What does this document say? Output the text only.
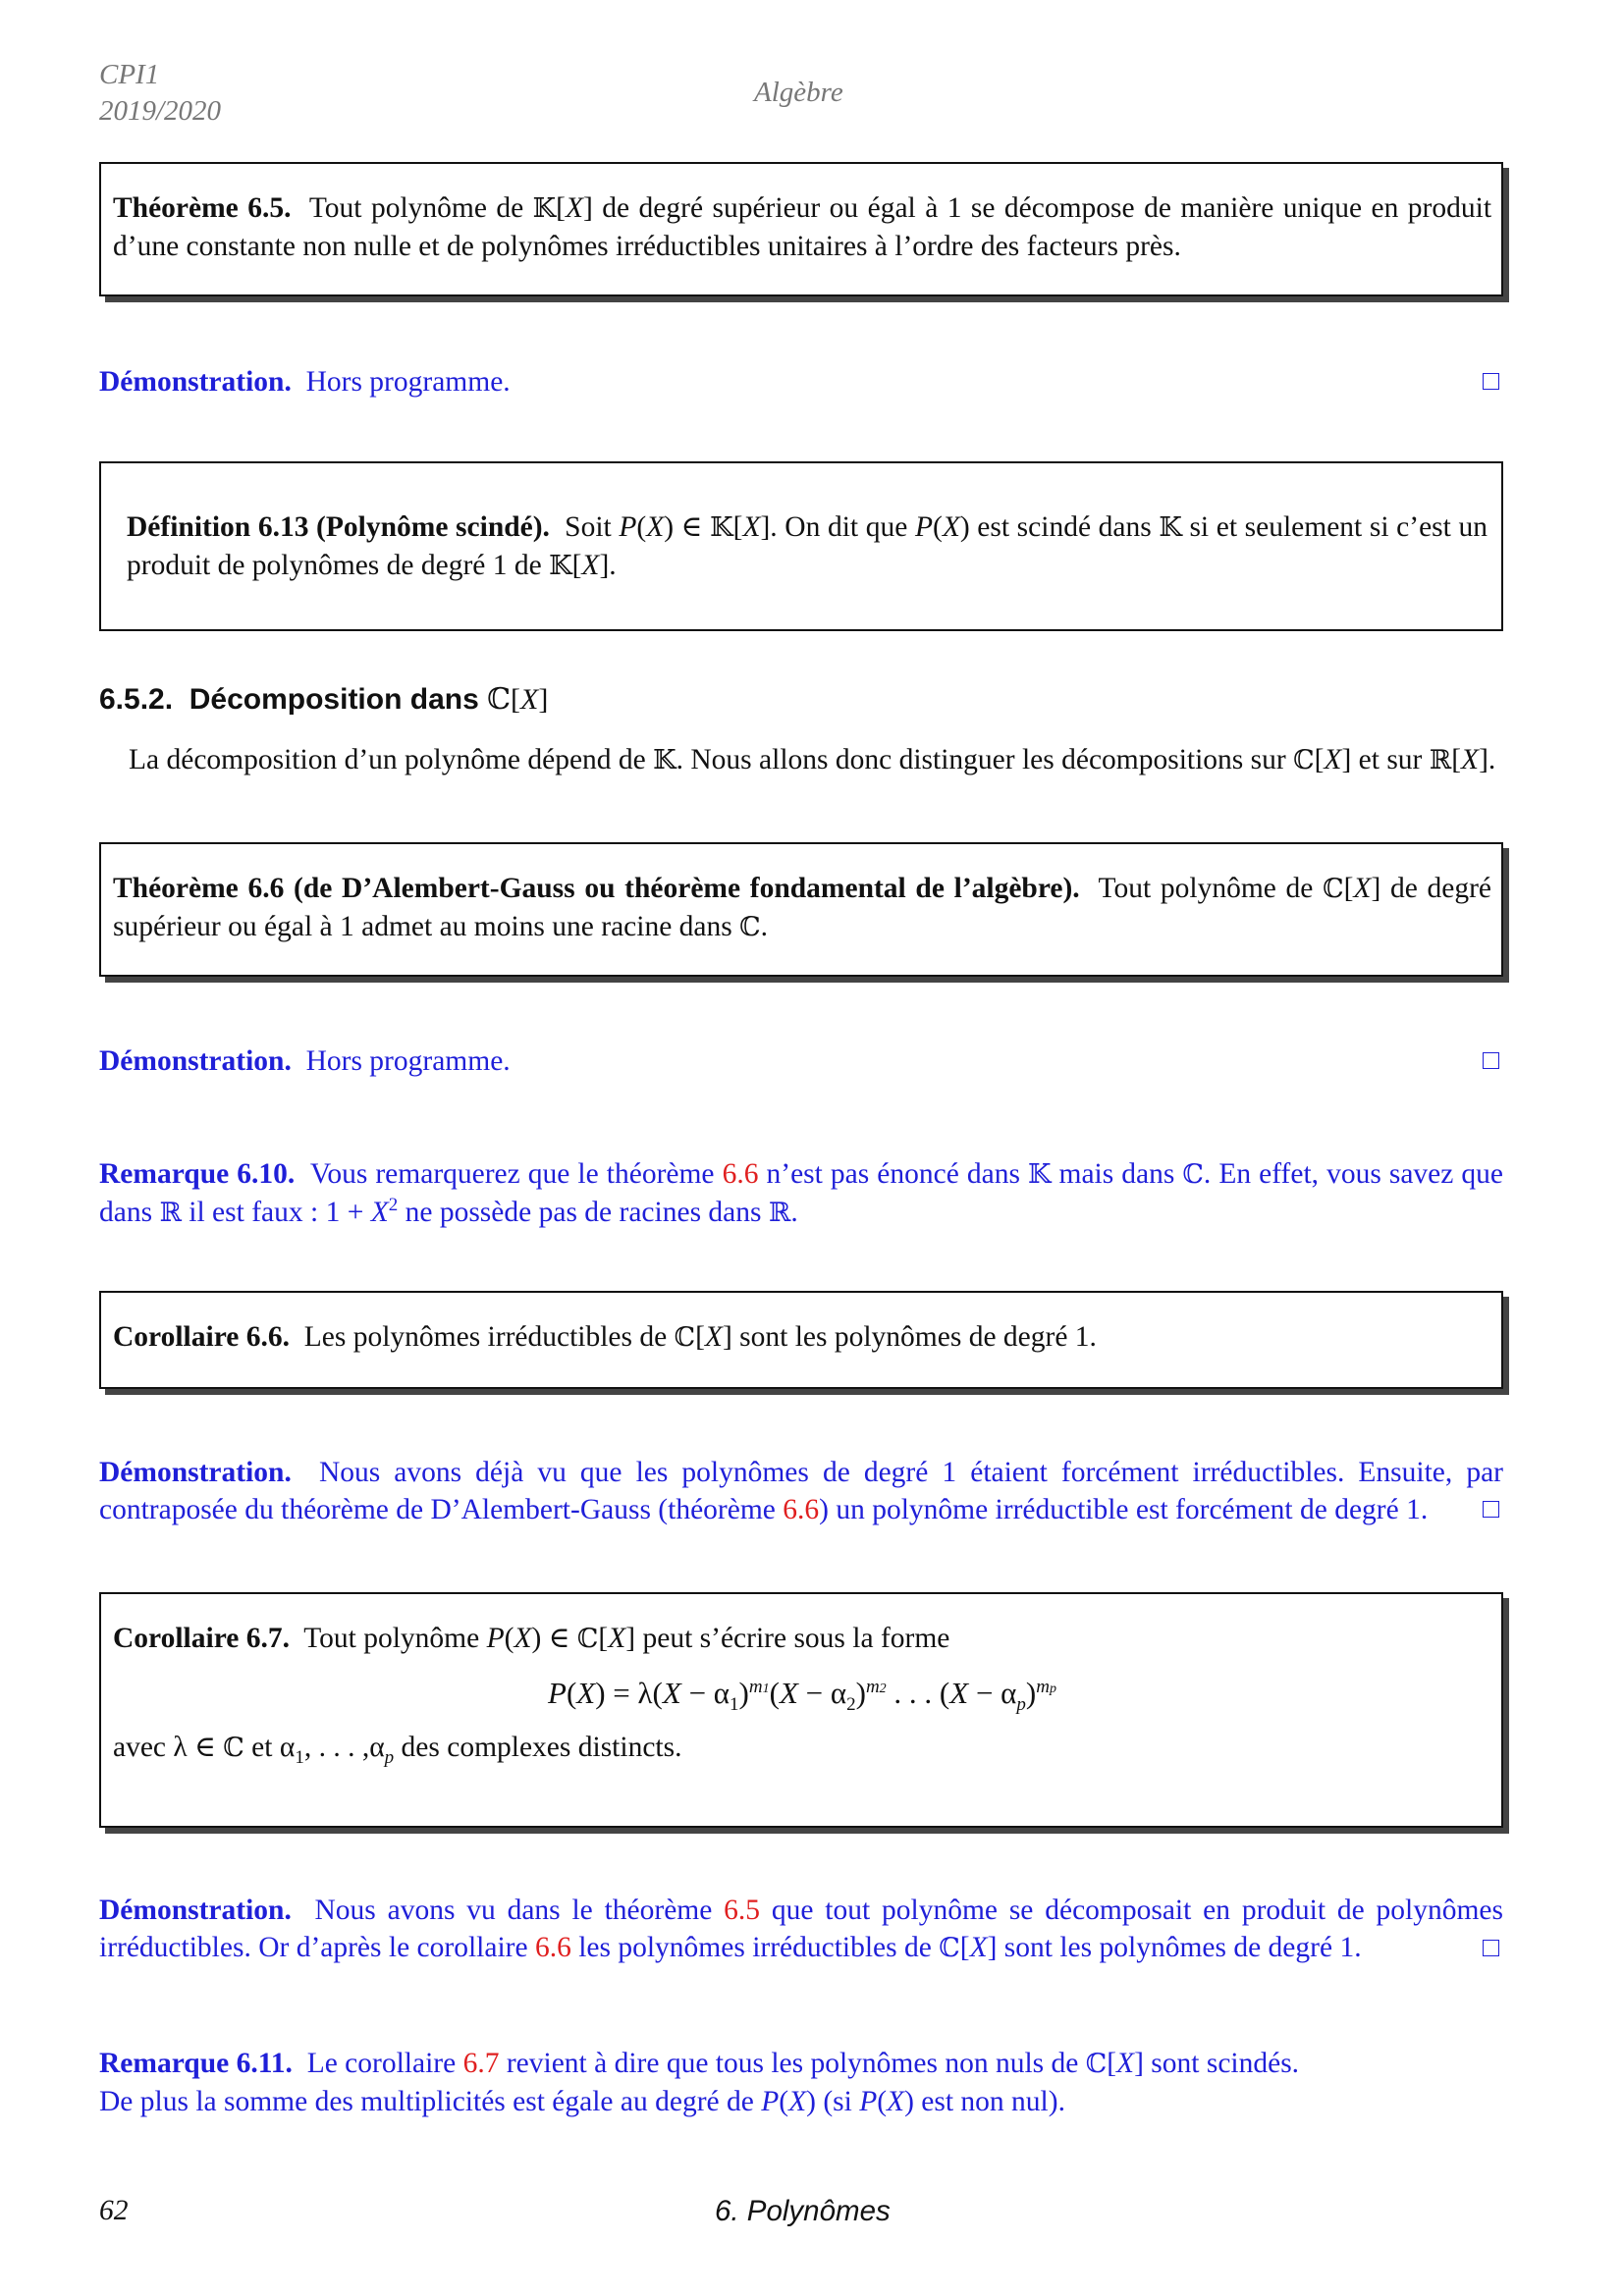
CPI1
2019/2020
Algèbre
Théorème 6.5. Tout polynôme de 𝕂[X] de degré supérieur ou égal à 1 se décompose de manière unique en produit d’une constante non nulle et de polynômes irréductibles unitaires à l’ordre des facteurs près.
Démonstration. Hors programme.
Définition 6.13 (Polynôme scindé). Soit P(X) ∈ 𝕂[X]. On dit que P(X) est scindé dans 𝕂 si et seulement si c’est un produit de polynômes de degré 1 de 𝕂[X].
6.5.2. Décomposition dans ℂ[X]
La décomposition d’un polynôme dépend de 𝕂. Nous allons donc distinguer les décompositions sur ℂ[X] et sur ℝ[X].
Théorème 6.6 (de D’Alembert-Gauss ou théorème fondamental de l’algèbre). Tout polynôme de ℂ[X] de degré supérieur ou égal à 1 admet au moins une racine dans ℂ.
Démonstration. Hors programme.
Remarque 6.10. Vous remarquerez que le théorème 6.6 n’est pas énoncé dans 𝕂 mais dans ℂ. En effet, vous savez que dans ℝ il est faux : $1 + X^2$ ne possède pas de racines dans ℝ.
Corollaire 6.6. Les polynômes irréductibles de ℂ[X] sont les polynômes de degré 1.
Démonstration. Nous avons déjà vu que les polynômes de degré 1 étaient forcément irréductibles. Ensuite, par contraposée du théorème de D’Alembert-Gauss (théorème 6.6) un polynôme irréductible est forcément de degré 1.
Corollaire 6.7. Tout polynôme P(X) ∈ ℂ[X] peut s’écrire sous la forme
$P(X) = \lambda(X - \alpha_1)^{m1}(X - \alpha_2)^{m2}$ . . . $(X - \alpha_p)^{mp}$
avec λ ∈ ℂ et $\alpha_1$, . . . $,\alpha_p$ des complexes distincts.
Démonstration. Nous avons vu dans le théorème 6.5 que tout polynôme se décomposait en produit de polynômes irréductibles. Or d’après le corollaire 6.6 les polynômes irréductibles de ℂ[X] sont les polynômes de degré 1.
Remarque 6.11. Le corollaire 6.7 revient à dire que tous les polynômes non nuls de ℂ[X] sont scindés.
De plus la somme des multiplicités est égale au degré de P(X) (si P(X) est non nul).
62	6. Polynômes
